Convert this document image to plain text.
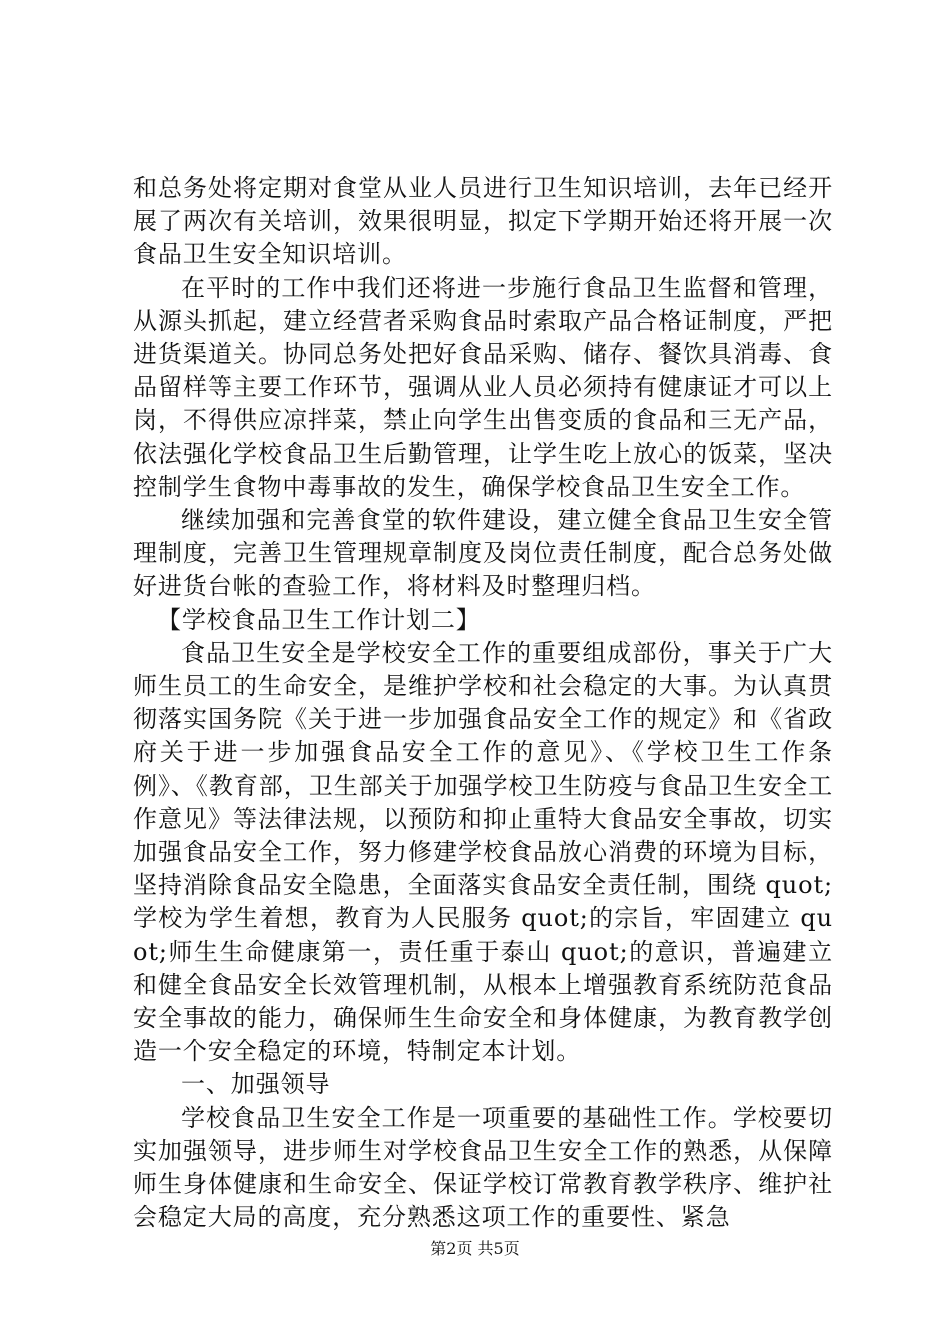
和总务处将定期对食堂从业人员进行卫生知识培训，去年已经开展了两次有关培训，效果很明显，拟定下学期开始还将开展一次食品卫生安全知识培训。

在平时的工作中我们还将进一步施行食品卫生监督和管理，从源头抓起，建立经营者采购食品时索取产品合格证制度，严把进货渠道关。协同总务处把好食品采购、储存、餐饮具消毒、食品留样等主要工作环节，强调从业人员必须持有健康证才可以上岗，不得供应凉拌菜，禁止向学生出售变质的食品和三无产品，依法强化学校食品卫生后勤管理，让学生吃上放心的饭菜，坚决控制学生食物中毒事故的发生，确保学校食品卫生安全工作。

继续加强和完善食堂的软件建设，建立健全食品卫生安全管理制度，完善卫生管理规章制度及岗位责任制度，配合总务处做好进货台帐的查验工作，将材料及时整理归档。

【学校食品卫生工作计划二】

食品卫生安全是学校安全工作的重要组成部份，事关于广大师生员工的生命安全，是维护学校和社会稳定的大事。为认真贯彻落实国务院《关于进一步加强食品安全工作的规定》和《省政府关于进一步加强食品安全工作的意见》、《学校卫生工作条例》、《教育部，卫生部关于加强学校卫生防疫与食品卫生安全工作意见》等法律法规，以预防和抑止重特大食品安全事故，切实加强食品安全工作，努力修建学校食品放心消费的环境为目标，坚持消除食品安全隐患，全面落实食品安全责任制，围绕 quot;学校为学生着想，教育为人民服务 quot;的宗旨，牢固建立 quot;师生生命健康第一，责任重于泰山 quot;的意识，普遍建立和健全食品安全长效管理机制，从根本上增强教育系统防范食品安全事故的能力，确保师生生命安全和身体健康，为教育教学创造一个安全稳定的环境，特制定本计划。

一、加强领导

学校食品卫生安全工作是一项重要的基础性工作。学校要切实加强领导，进步师生对学校食品卫生安全工作的熟悉，从保障师生身体健康和生命安全、保证学校订常教育教学秩序、维护社会稳定大局的高度，充分熟悉这项工作的重要性、紧急

第2页 共5页
